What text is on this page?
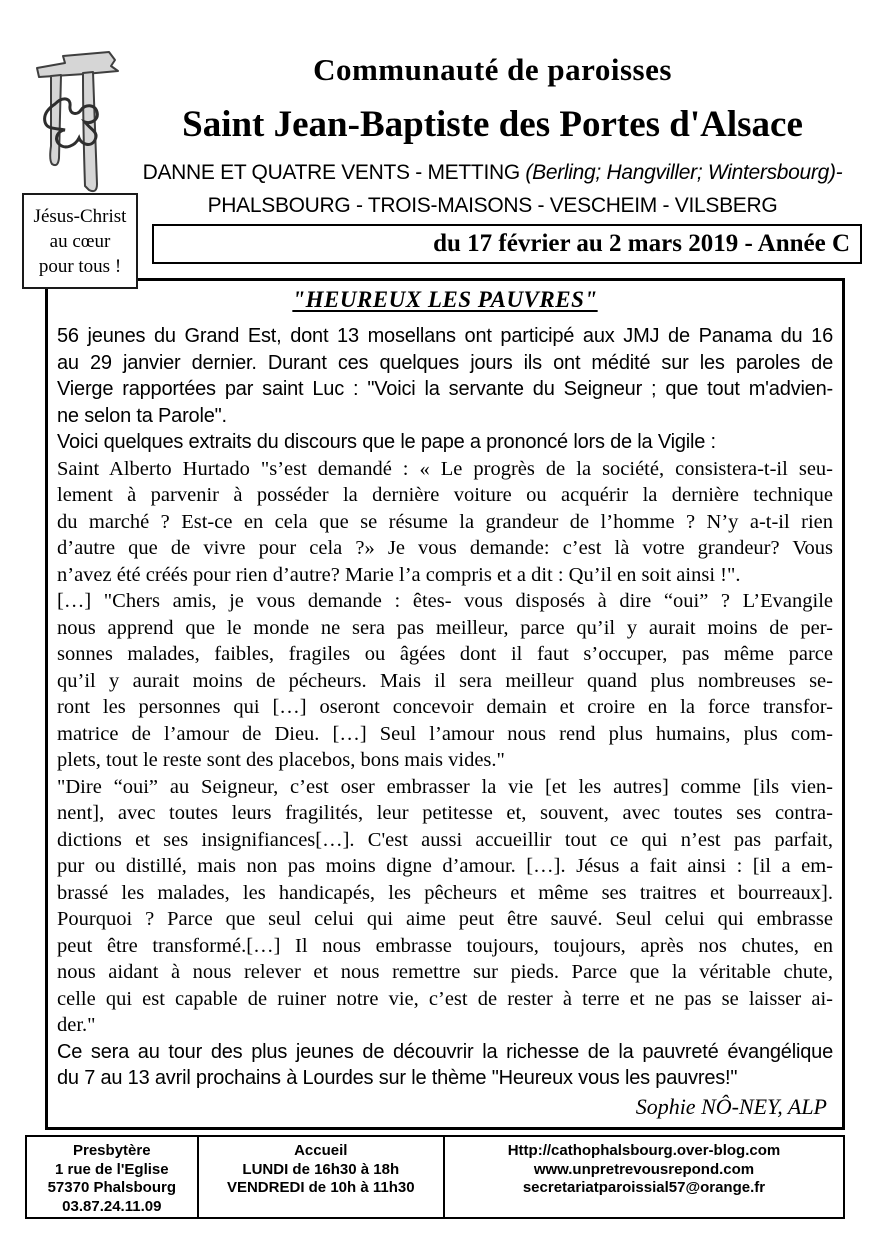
Communauté de paroisses
Saint Jean-Baptiste des Portes d'Alsace
DANNE ET QUATRE VENTS - METTING (Berling; Hangviller; Wintersbourg)-
PHALSBOURG - TROIS-MAISONS - VESCHEIM - VILSBERG
Jésus-Christ
au cœur
pour tous !
du 17 février au 2 mars 2019 - Année C
"HEUREUX LES PAUVRES"
56 jeunes du Grand Est, dont 13 mosellans ont participé aux JMJ de Panama du 16
au 29 janvier dernier. Durant ces quelques jours ils ont médité sur les paroles de
Vierge rapportées par saint Luc : "Voici la servante du Seigneur ; que tout m'advien-
ne selon ta Parole".
Voici quelques extraits du discours que le pape a prononcé lors de la Vigile :
Saint Alberto Hurtado "s’est demandé : « Le progrès de la société, consistera-t-il seu-
lement à parvenir à posséder la dernière voiture ou acquérir la dernière technique
du marché ? Est-ce en cela que se résume la grandeur de l’homme ? N’y a-t-il rien
d’autre que de vivre pour cela ?» Je vous demande: c’est là votre grandeur? Vous
n’avez été créés pour rien d’autre? Marie l’a compris et a dit : Qu’il en soit ainsi !".
[…] "Chers amis, je vous demande : êtes- vous disposés à dire “oui” ? L’Evangile
nous apprend que le monde ne sera pas meilleur, parce qu’il y aurait moins de per-
sonnes malades, faibles, fragiles ou âgées dont il faut s’occuper, pas même parce
qu’il y aurait moins de pécheurs. Mais il sera meilleur quand plus nombreuses se-
ront les personnes qui […] oseront concevoir demain et croire en la force transfor-
matrice de l’amour de Dieu. […] Seul l’amour nous rend plus humains, plus com-
plets, tout le reste sont des placebos, bons mais vides."
"Dire “oui” au Seigneur, c’est oser embrasser la vie [et les autres] comme [ils vien-
nent], avec toutes leurs fragilités, leur petitesse et, souvent, avec toutes ses contra-
dictions et ses insignifiances[…]. C'est aussi accueillir tout ce qui n’est pas parfait,
pur ou distillé, mais non pas moins digne d’amour. […]. Jésus a fait ainsi : [il a em-
brassé les malades, les handicapés, les pêcheurs et même ses traitres et bourreaux].
Pourquoi ? Parce que seul celui qui aime peut être sauvé. Seul celui qui embrasse
peut être transformé.[…] Il nous embrasse toujours, toujours, après nos chutes, en
nous aidant à nous relever et nous remettre sur pieds. Parce que la véritable chute,
celle qui est capable de ruiner notre vie, c’est de rester à terre et ne pas se laisser ai-
der."
Ce sera au tour des plus jeunes de découvrir la richesse de la pauvreté évangélique
du 7 au 13 avril prochains à Lourdes sur le thème "Heureux vous les pauvres!"
Sophie NÔ-NEY, ALP
Presbytère
1 rue de l'Eglise
57370 Phalsbourg
03.87.24.11.09
Accueil
LUNDI de 16h30 à 18h
VENDREDI de 10h à 11h30
Http://cathophalsbourg.over-blog.com
www.unpretrevousrepond.com
secretariatparoissial57@orange.fr
